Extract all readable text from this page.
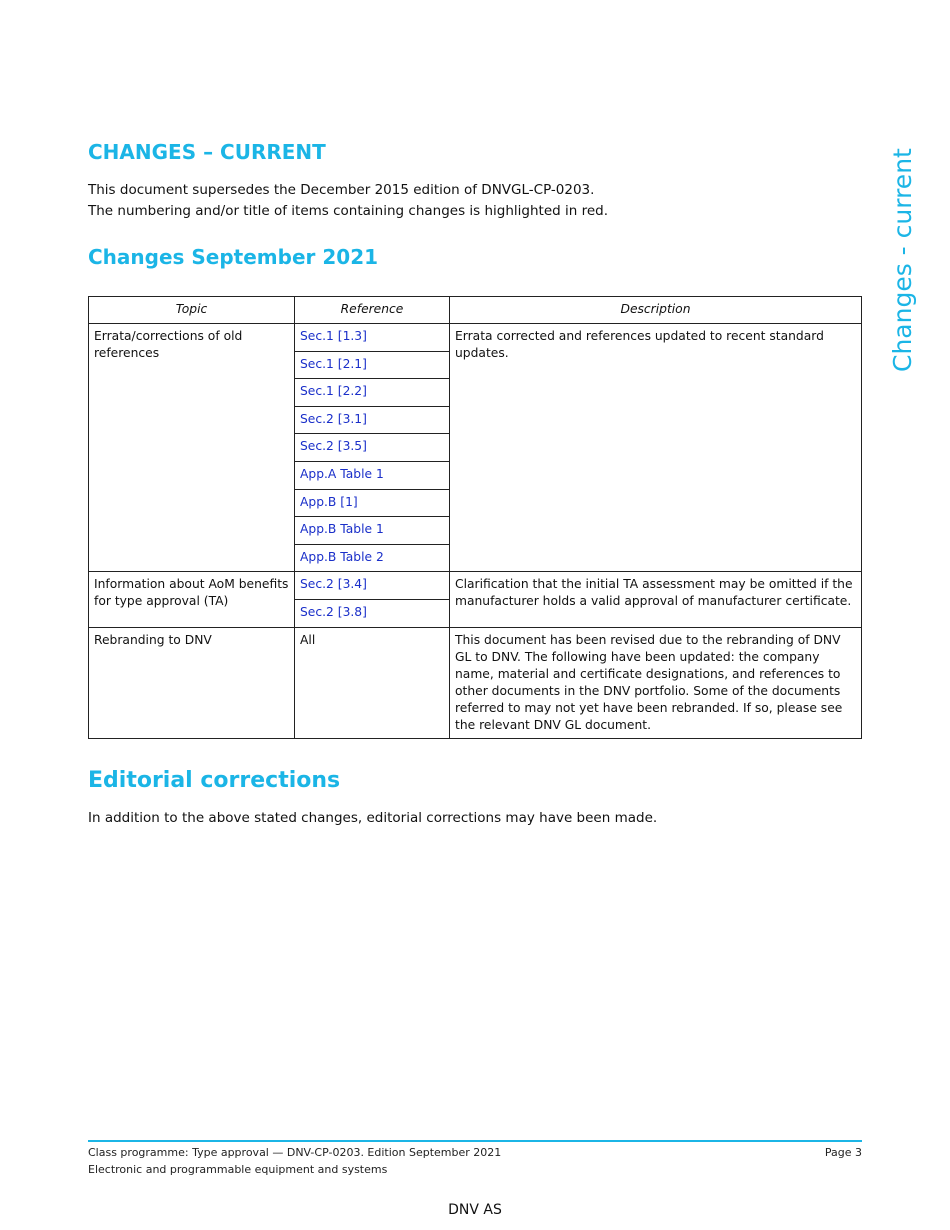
CHANGES – CURRENT
This document supersedes the December 2015 edition of DNVGL-CP-0203.
The numbering and/or title of items containing changes is highlighted in red.	Changes - current
Changes September 2021
Topic	Reference	Description
Errata/corrections of old references	Sec.1 [1.3]	Errata corrected and references updated to recent standard updates.
	Sec.1 [2.1]	
	Sec.1 [2.2]	
	Sec.2 [3.1]	
	Sec.2 [3.5]	
	App.A Table 1	
	App.B [1]	
	App.B Table 1	
	App.B Table 2	
Information about AoM benefits for type approval (TA)	Sec.2 [3.4]	Clarification that the initial TA assessment may be omitted if the manufacturer holds a valid approval of manufacturer certificate.
	Sec.2 [3.8]	
Rebranding to DNV	All	This document has been revised due to the rebranding of DNV GL to DNV. The following have been updated: the company name, material and certificate designations, and references to other documents in the DNV portfolio. Some of the documents referred to may not yet have been rebranded. If so, please see the relevant DNV GL document.
Editorial corrections
In addition to the above stated changes, editorial corrections may have been made.
Class programme: Type approval — DNV-CP-0203. Edition September 2021
Electronic and programmable equipment and systems
Page 3
DNV AS
